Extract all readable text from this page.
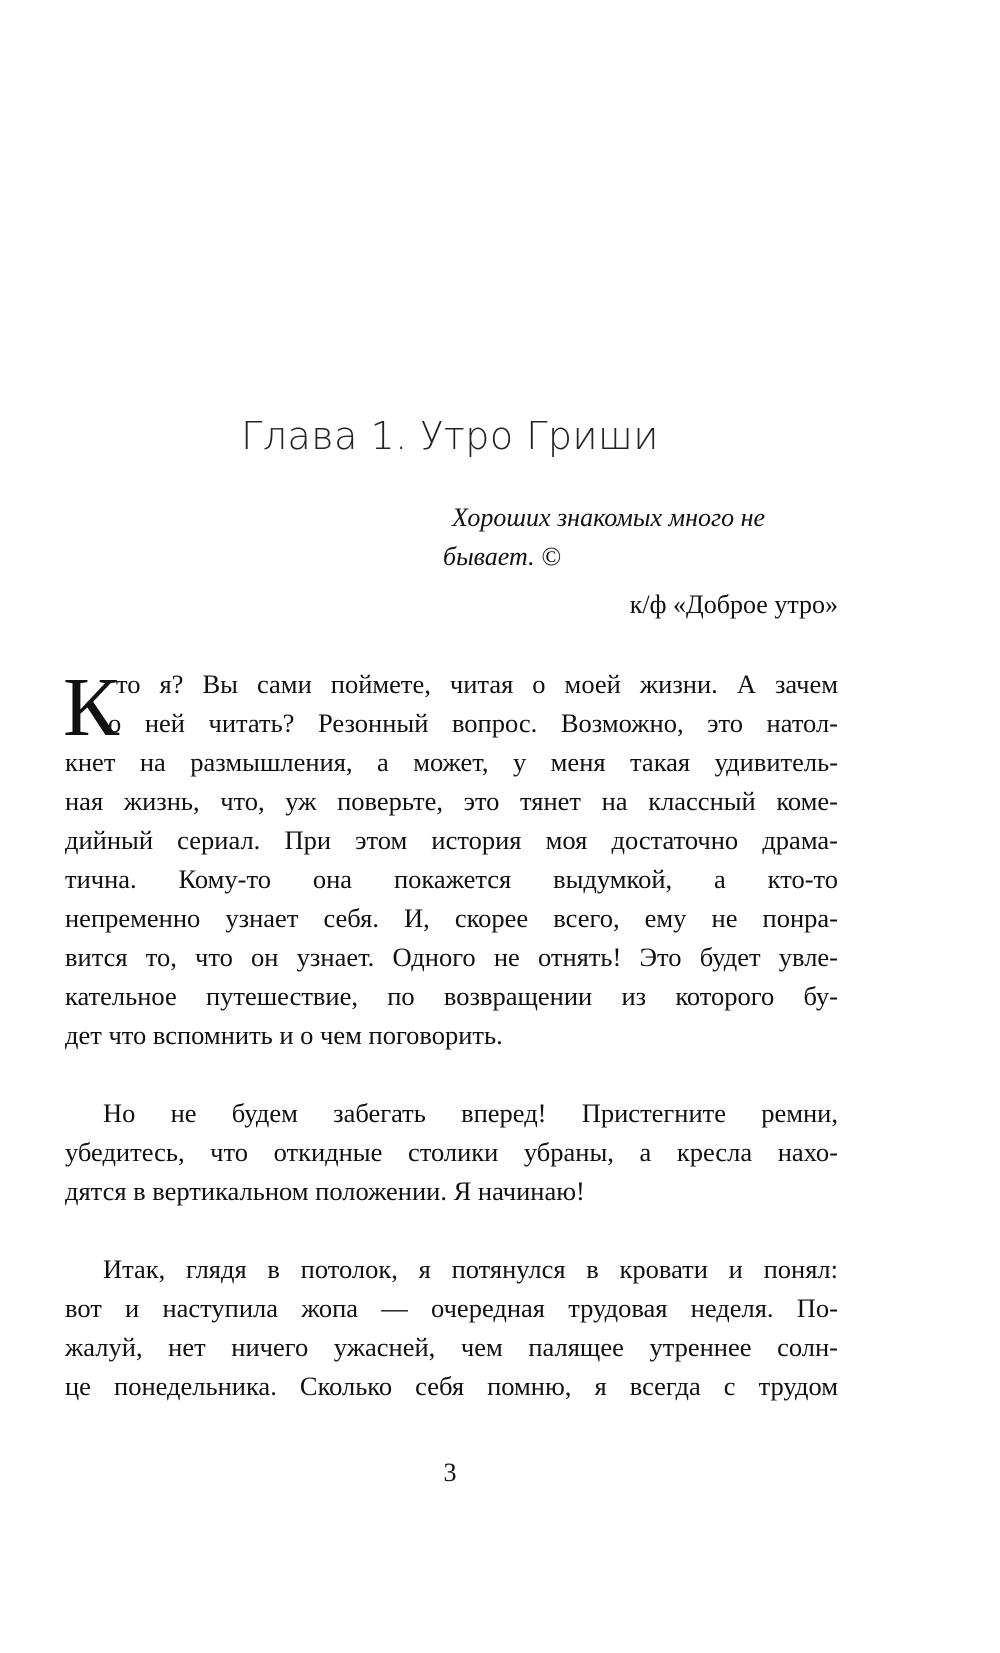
Глава 1. Утро Гриши
Хороших знакомых много не
бывает. ©
к/ф «Доброе утро»
К
то я? Вы сами поймете, читая о моей жизни. А зачем
о ней читать? Резонный вопрос. Возможно, это натол-
кнет на размышления, а может, у меня такая удивитель-
ная жизнь, что, уж поверьте, это тянет на классный коме-
дийный сериал. При этом история моя достаточно драма-
тична. Кому-то она покажется выдумкой, а кто-то
непременно узнает себя. И, скорее всего, ему не понра-
вится то, что он узнает. Одного не отнять! Это будет увле-
кательное путешествие, по возвращении из которого бу-
дет что вспомнить и о чем поговорить.
Но не будем забегать вперед! Пристегните ремни,
убедитесь, что откидные столики убраны, а кресла нахо-
дятся в вертикальном положении. Я начинаю!
Итак, глядя в потолок, я потянулся в кровати и понял:
вот и наступила жопа — очередная трудовая неделя. По-
жалуй, нет ничего ужасней, чем палящее утреннее солн-
це понедельника. Сколько себя помню, я всегда с трудом
3
